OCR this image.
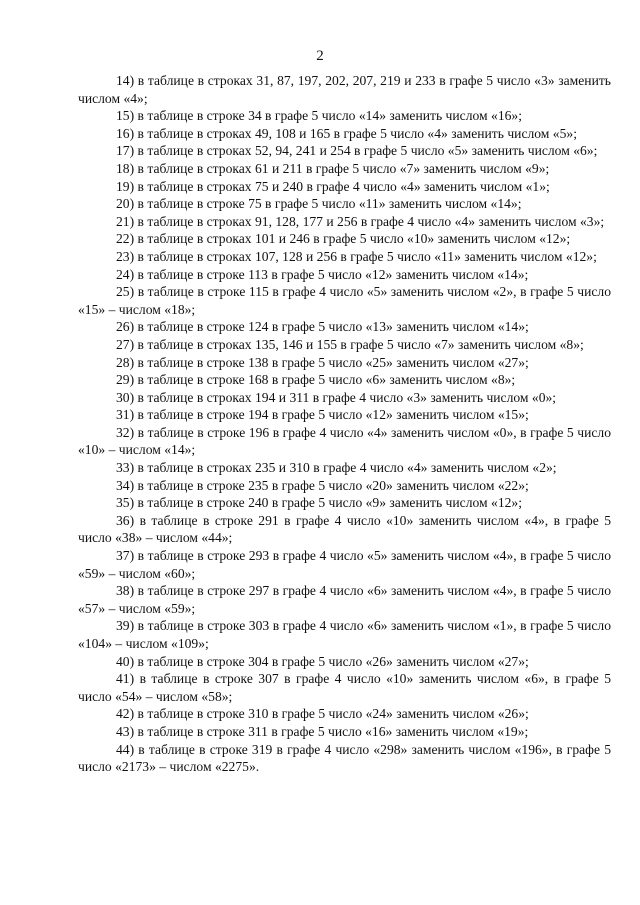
2

14) в таблице в строках 31, 87, 197, 202, 207, 219 и 233 в графе 5 число «3» заменить числом «4»;

15) в таблице в строке 34 в графе 5 число «14» заменить числом «16»;

16) в таблице в строках 49, 108 и 165 в графе 5 число «4» заменить числом «5»;

17) в таблице в строках 52, 94, 241 и 254 в графе 5 число «5» заменить числом «6»;

18) в таблице в строках 61 и 211 в графе 5 число «7» заменить числом «9»;

19) в таблице в строках 75 и 240 в графе 4 число «4» заменить числом «1»;

20) в таблице в строке 75 в графе 5 число «11» заменить числом «14»;

21) в таблице в строках 91, 128, 177 и 256 в графе 4 число «4» заменить числом «3»;

22) в таблице в строках 101 и 246 в графе 5 число «10» заменить числом «12»;

23) в таблице в строках 107, 128 и 256 в графе 5 число «11» заменить числом «12»;

24) в таблице в строке 113 в графе 5 число «12» заменить числом «14»;

25) в таблице в строке 115 в графе 4 число «5» заменить числом «2», в графе 5 число «15» – числом «18»;

26) в таблице в строке 124 в графе 5 число «13» заменить числом «14»;

27) в таблице в строках 135, 146 и 155 в графе 5 число «7» заменить числом «8»;

28) в таблице в строке 138 в графе 5 число «25» заменить числом «27»;

29) в таблице в строке 168 в графе 5 число «6» заменить числом «8»;

30) в таблице в строках 194 и 311 в графе 4 число «3» заменить числом «0»;

31) в таблице в строке 194 в графе 5 число «12» заменить числом «15»;

32) в таблице в строке 196 в графе 4 число «4» заменить числом «0», в графе 5 число «10» – числом «14»;

33) в таблице в строках 235 и 310 в графе 4 число «4» заменить числом «2»;

34) в таблице в строке 235 в графе 5 число «20» заменить числом «22»;

35) в таблице в строке 240 в графе 5 число «9» заменить числом «12»;

36) в таблице в строке 291 в графе 4 число «10» заменить числом «4», в графе 5 число «38» – числом «44»;

37) в таблице в строке 293 в графе 4 число «5» заменить числом «4», в графе 5 число «59» – числом «60»;

38) в таблице в строке 297 в графе 4 число «6» заменить числом «4», в графе 5 число «57» – числом «59»;

39) в таблице в строке 303 в графе 4 число «6» заменить числом «1», в графе 5 число «104» – числом «109»;

40) в таблице в строке 304 в графе 5 число «26» заменить числом «27»;

41) в таблице в строке 307 в графе 4 число «10» заменить числом «6», в графе 5 число «54» – числом «58»;

42) в таблице в строке 310 в графе 5 число «24» заменить числом «26»;

43) в таблице в строке 311 в графе 5 число «16» заменить числом «19»;

44) в таблице в строке 319 в графе 4 число «298» заменить числом «196», в графе 5 число «2173» – числом «2275».
